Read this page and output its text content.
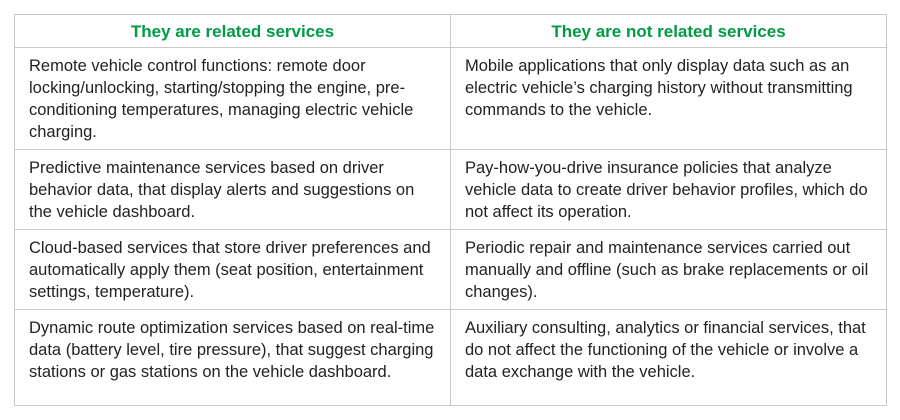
They are related services	They are not related services
Remote vehicle control functions: remote door locking/unlocking, starting/stopping the engine, pre-conditioning temperatures, managing electric vehicle charging.	Mobile applications that only display data such as an electric vehicle’s charging history without transmitting commands to the vehicle.
Predictive maintenance services based on driver behavior data, that display alerts and suggestions on the vehicle dashboard.	Pay-how-you-drive insurance policies that analyze vehicle data to create driver behavior profiles, which do not affect its operation.
Cloud-based services that store driver preferences and automatically apply them (seat position, entertainment settings, temperature).	Periodic repair and maintenance services carried out manually and offline (such as brake replacements or oil changes).
Dynamic route optimization services based on real-time data (battery level, tire pressure), that suggest charging stations or gas stations on the vehicle dashboard.	Auxiliary consulting, analytics or financial services, that do not affect the functioning of the vehicle or involve a data exchange with the vehicle.
